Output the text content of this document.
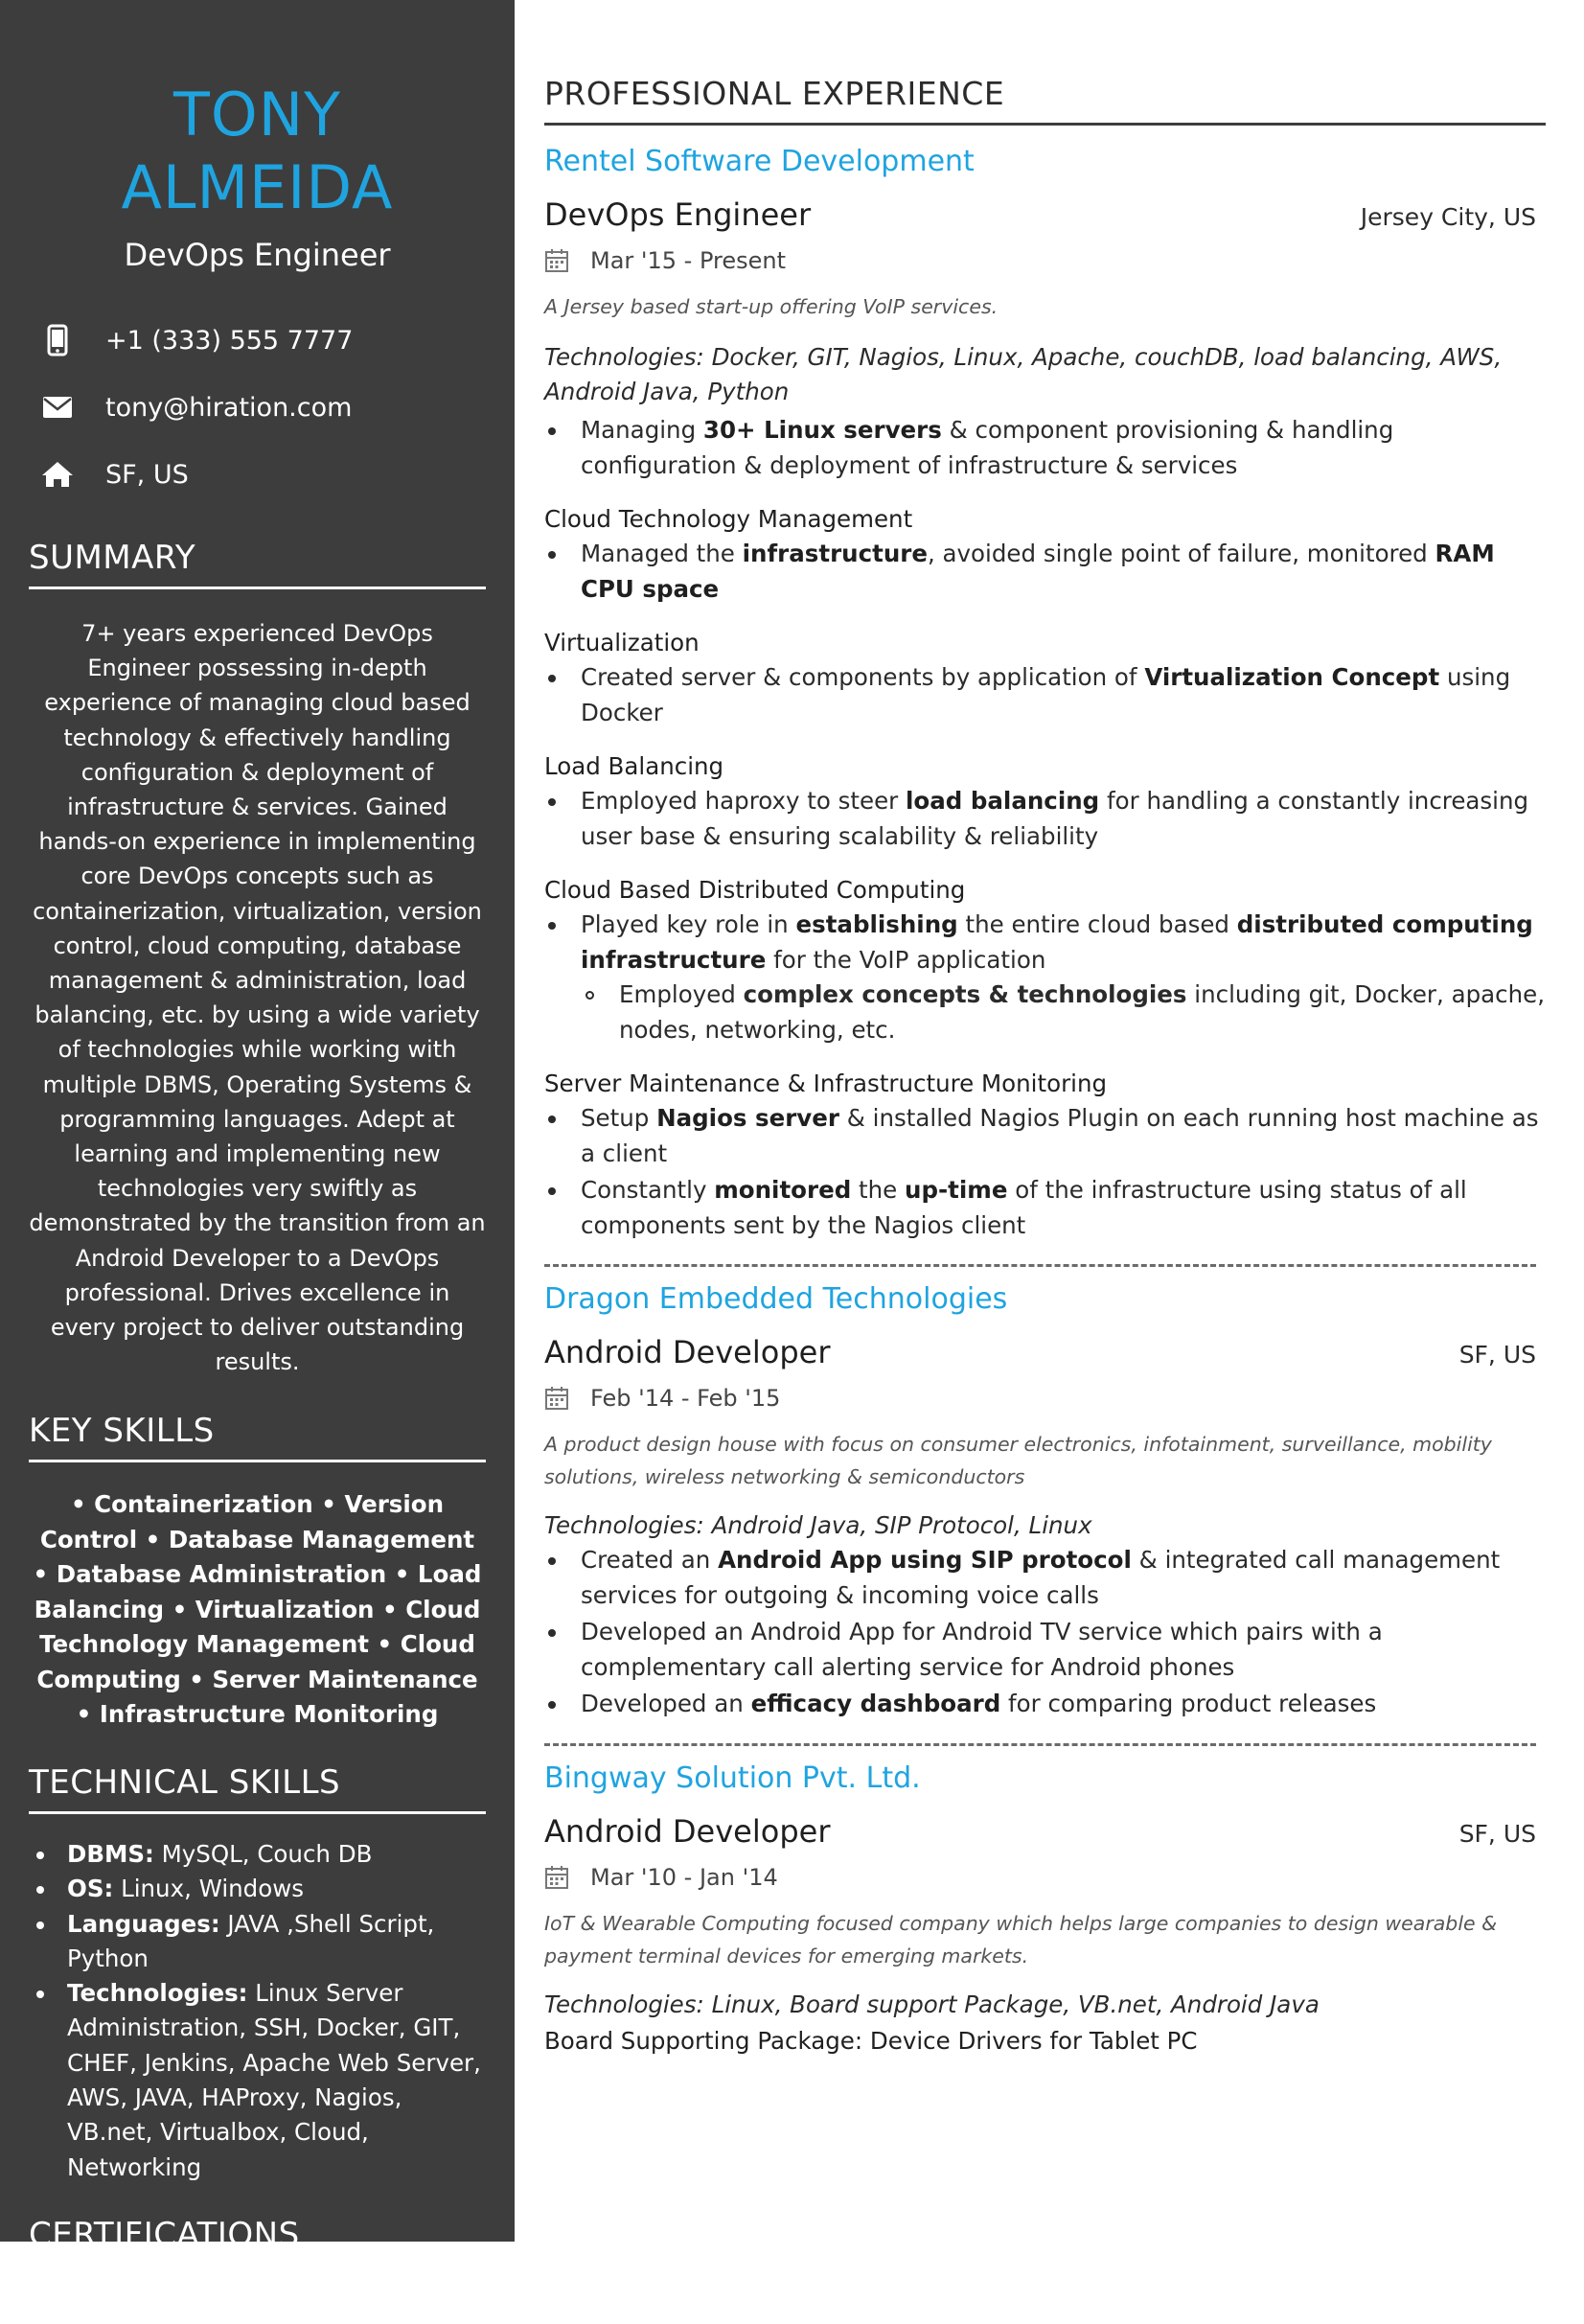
TONY ALMEIDA
DevOps Engineer
+1 (333) 555 7777
tony@hiration.com
SF, US
SUMMARY

7+ years experienced DevOps Engineer possessing in-depth experience of managing cloud based technology & effectively handling configuration & deployment of infrastructure & services. Gained hands-on experience in implementing core DevOps concepts such as containerization, virtualization, version control, cloud computing, database management & administration, load balancing, etc. by using a wide variety of technologies while working with multiple DBMS, Operating Systems & programming languages. Adept at learning and implementing new technologies very swiftly as demonstrated by the transition from an Android Developer to a DevOps professional. Drives excellence in every project to deliver outstanding results.

KEY SKILLS

• Containerization • Version Control • Database Management • Database Administration • Load Balancing • Virtualization • Cloud Technology Management • Cloud Computing • Server Maintenance • Infrastructure Monitoring

TECHNICAL SKILLS
DBMS: MySQL, Couch DB
OS: Linux, Windows
Languages: JAVA ,Shell Script, Python
Technologies: Linux Server Administration, SSH, Docker, GIT, CHEF, Jenkins, Apache Web Server, AWS, JAVA, HAProxy, Nagios, VB.net, Virtualbox, Cloud, Networking
CERTIFICATIONS
AWS Solution Architect | '17
PROFESSIONAL EXPERIENCE
Rentel Software Development
DevOps Engineer	Jersey City, US
Mar '15 - Present
A Jersey based start-up offering VoIP services.
Technologies: Docker, GIT, Nagios, Linux, Apache, couchDB, load balancing, AWS, Android Java, Python
Managing 30+ Linux servers & component provisioning & handling configuration & deployment of infrastructure & services
Cloud Technology Management
Managed the infrastructure, avoided single point of failure, monitored RAM CPU space
Virtualization
Created server & components by application of Virtualization Concept using Docker
Load Balancing
Employed haproxy to steer load balancing for handling a constantly increasing user base & ensuring scalability & reliability
Cloud Based Distributed Computing
Played key role in establishing the entire cloud based distributed computing infrastructure for the VoIP application
Employed complex concepts & technologies including git, Docker, apache, nodes, networking, etc.
Server Maintenance & Infrastructure Monitoring
Setup Nagios server & installed Nagios Plugin on each running host machine as a client
Constantly monitored the up-time of the infrastructure using status of all components sent by the Nagios client
Dragon Embedded Technologies
Android Developer	SF, US
Feb '14 - Feb '15
A product design house with focus on consumer electronics, infotainment, surveillance, mobility solutions, wireless networking & semiconductors
Technologies: Android Java, SIP Protocol, Linux
Created an Android App using SIP protocol & integrated call management services for outgoing & incoming voice calls
Developed an Android App for Android TV service which pairs with a complementary call alerting service for Android phones
Developed an efficacy dashboard for comparing product releases
Bingway Solution Pvt. Ltd.
Android Developer	SF, US
Mar '10 - Jan '14
IoT & Wearable Computing focused company which helps large companies to design wearable & payment terminal devices for emerging markets.
Technologies: Linux, Board support Package, VB.net, Android Java
Board Supporting Package: Device Drivers for Tablet PC
